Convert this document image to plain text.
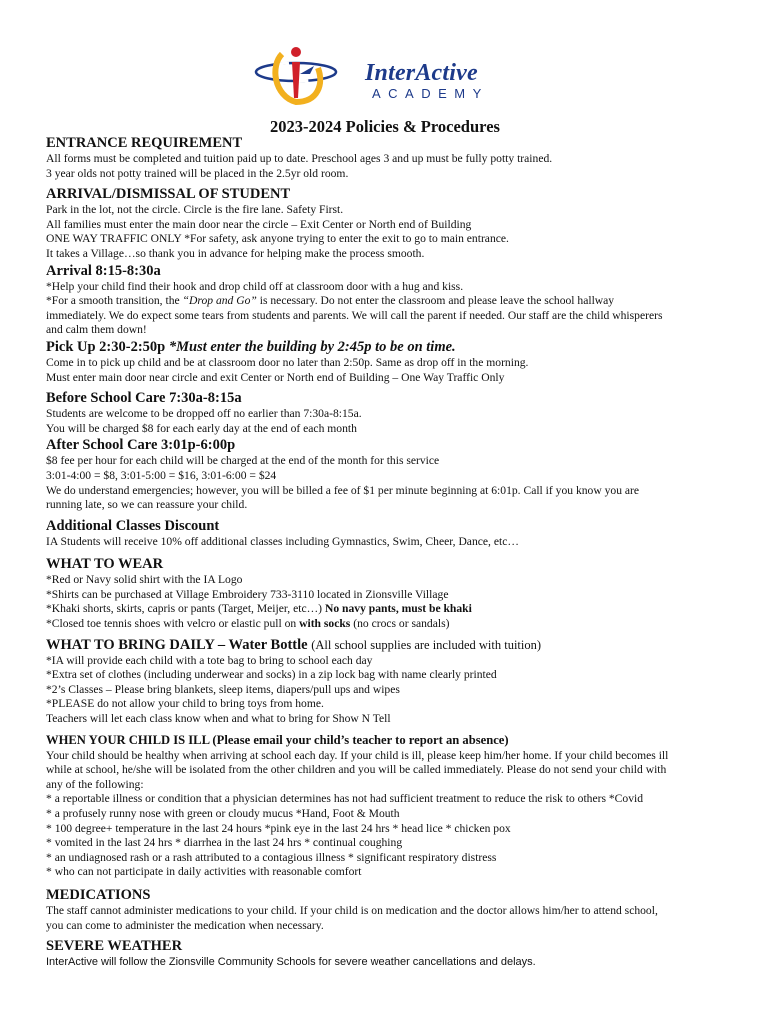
InterActive
ACADEMY
2023-2024 Policies & Procedures

ENTRANCE REQUIREMENT

All forms must be completed and tuition paid up to date. Preschool ages 3 and up must be fully potty trained.

3 year olds not potty trained will be placed in the 2.5yr old room.

ARRIVAL/DISMISSAL OF STUDENT

Park in the lot, not the circle. Circle is the fire lane. Safety First.

All families must enter the main door near the circle – Exit Center or North end of Building

ONE WAY TRAFFIC ONLY *For safety, ask anyone trying to enter the exit to go to main entrance.

It takes a Village…so thank you in advance for helping make the process smooth.

Arrival 8:15-8:30a

*Help your child find their hook and drop child off at classroom door with a hug and kiss.

*For a smooth transition, the “Drop and Go” is necessary. Do not enter the classroom and please leave the school hallway

immediately. We do expect some tears from students and parents. We will call the parent if needed. Our staff are the child whisperers

and calm them down!

Pick Up 2:30-2:50p *Must enter the building by 2:45p to be on time.

Come in to pick up child and be at classroom door no later than 2:50p. Same as drop off in the morning.

Must enter main door near circle and exit Center or North end of Building – One Way Traffic Only

Before School Care 7:30a-8:15a

Students are welcome to be dropped off no earlier than 7:30a-8:15a.

You will be charged $8 for each early day at the end of each month

After School Care 3:01p-6:00p

$8 fee per hour for each child will be charged at the end of the month for this service

3:01-4:00 = $8, 3:01-5:00 = $16, 3:01-6:00 = $24

We do understand emergencies; however, you will be billed a fee of $1 per minute beginning at 6:01p. Call if you know you are

running late, so we can reassure your child.

Additional Classes Discount

IA Students will receive 10% off additional classes including Gymnastics, Swim, Cheer, Dance, etc…

WHAT TO WEAR

*Red or Navy solid shirt with the IA Logo

*Shirts can be purchased at Village Embroidery 733-3110 located in Zionsville Village

*Khaki shorts, skirts, capris or pants (Target, Meijer, etc…) No navy pants, must be khaki

*Closed toe tennis shoes with velcro or elastic pull on with socks (no crocs or sandals)

WHAT TO BRING DAILY – Water Bottle (All school supplies are included with tuition)

*IA will provide each child with a tote bag to bring to school each day

*Extra set of clothes (including underwear and socks) in a zip lock bag with name clearly printed

*2’s Classes – Please bring blankets, sleep items, diapers/pull ups and wipes

*PLEASE do not allow your child to bring toys from home.

Teachers will let each class know when and what to bring for Show N Tell

WHEN YOUR CHILD IS ILL (Please email your child’s teacher to report an absence)

Your child should be healthy when arriving at school each day. If your child is ill, please keep him/her home. If your child becomes ill

while at school, he/she will be isolated from the other children and you will be called immediately. Please do not send your child with

any of the following:

* a reportable illness or condition that a physician determines has not had sufficient treatment to reduce the risk to others *Covid

* a profusely runny nose with green or cloudy mucus *Hand, Foot & Mouth

* 100 degree+ temperature in the last 24 hours *pink eye in the last 24 hrs * head lice * chicken pox

* vomited in the last 24 hrs * diarrhea in the last 24 hrs * continual coughing

* an undiagnosed rash or a rash attributed to a contagious illness * significant respiratory distress

* who can not participate in daily activities with reasonable comfort

MEDICATIONS

The staff cannot administer medications to your child. If your child is on medication and the doctor allows him/her to attend school,

you can come to administer the medication when necessary.

SEVERE WEATHER

InterActive will follow the Zionsville Community Schools for severe weather cancellations and delays.
